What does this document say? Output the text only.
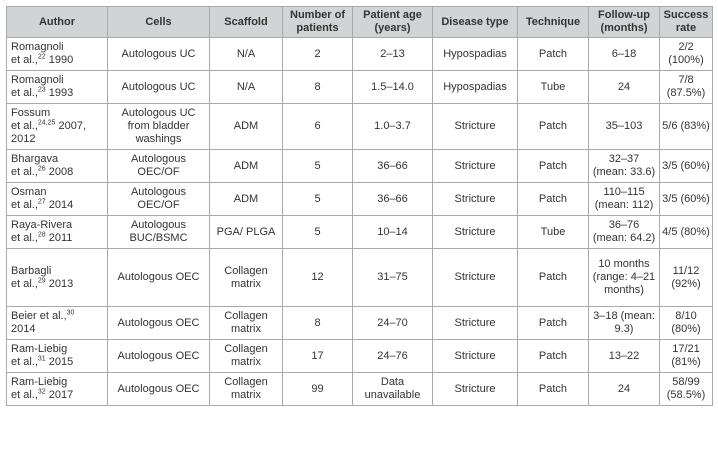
Author	Cells	Scaffold	Number of patients	Patient age (years)	Disease type	Technique	Follow-up (months)	Success rate
Romagnoli
et al.,$^{22}$ 1990	Autologous UC	N/A	2	2–13	Hypospadias	Patch	6–18	2/2 (100%)
Romagnoli
et al.,$^{23}$ 1993	Autologous UC	N/A	8	1.5–14.0	Hypospadias	Tube	24	7/8 (87.5%)
Fossum
et al.,$^{24,25}$ 2007, 2012	Autologous UC from bladder washings	ADM	6	1.0–3.7	Stricture	Patch	35–103	5/6 (83%)
Bhargava
et al.,$^{26}$ 2008	Autologous OEC/OF	ADM	5	36–66	Stricture	Patch	32–37 (mean: 33.6)	3/5 (60%)
Osman
et al.,$^{27}$ 2014	Autologous OEC/OF	ADM	5	36–66	Stricture	Patch	110–115 (mean: 112)	3/5 (60%)
Raya-Rivera
et al.,$^{28}$ 2011	Autologous BUC/BSMC	PGA/ PLGA	5	10–14	Stricture	Tube	36–76 (mean: 64.2)	4/5 (80%)
Barbagli
et al.,$^{29}$ 2013	Autologous OEC	Collagen matrix	12	31–75	Stricture	Patch	10 months (range: 4–21 months)	11/12 (92%)
Beier et al.,$^{30}$
2014	Autologous OEC	Collagen matrix	8	24–70	Stricture	Patch	3–18 (mean: 9.3)	8/10 (80%)
Ram-Liebig
et al.,$^{31}$ 2015	Autologous OEC	Collagen matrix	17	24–76	Stricture	Patch	13–22	17/21 (81%)
Ram-Liebig
et al.,$^{32}$ 2017	Autologous OEC	Collagen matrix	99	Data unavailable	Stricture	Patch	24	58/99 (58.5%)
